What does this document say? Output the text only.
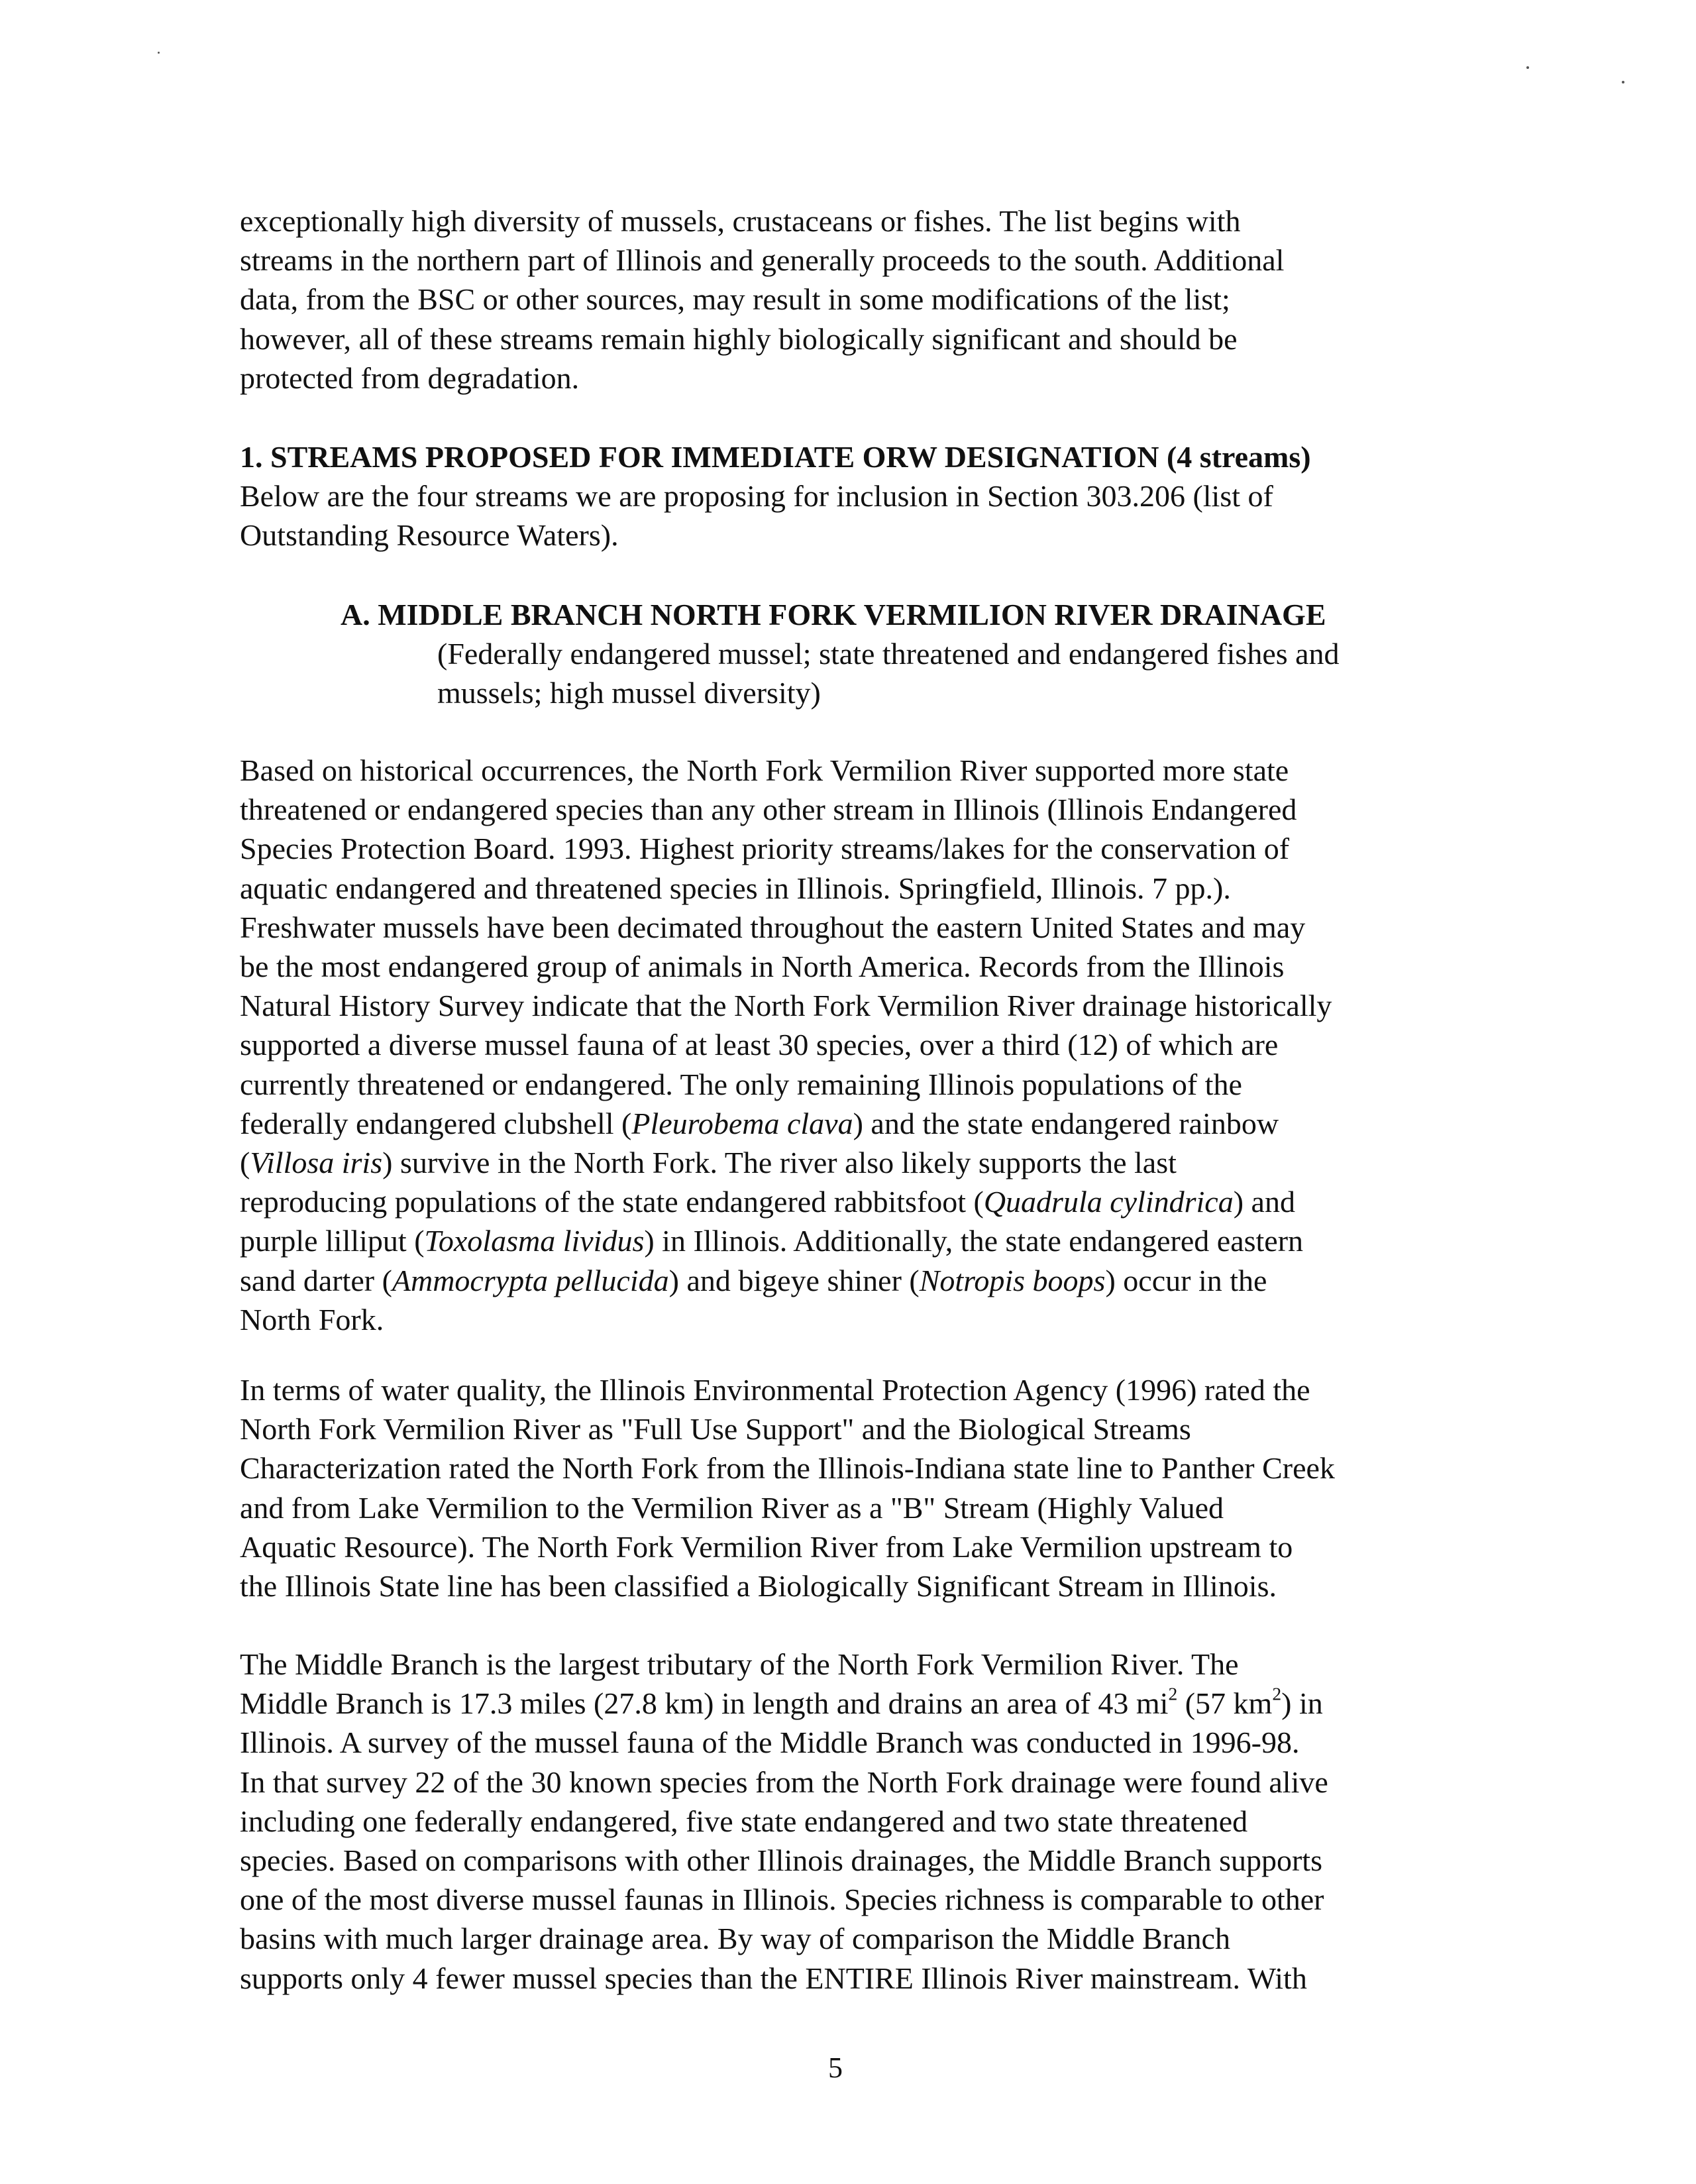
exceptionally high diversity of mussels, crustaceans or fishes. The list begins with
streams in the northern part of Illinois and generally proceeds to the south. Additional
data, from the BSC or other sources, may result in some modifications of the list;
however, all of these streams remain highly biologically significant and should be
protected from degradation.
1. STREAMS PROPOSED FOR IMMEDIATE ORW DESIGNATION (4 streams)
Below are the four streams we are proposing for inclusion in Section 303.206 (list of
Outstanding Resource Waters).
A. MIDDLE BRANCH NORTH FORK VERMILION RIVER DRAINAGE
(Federally endangered mussel; state threatened and endangered fishes and
mussels; high mussel diversity)
Based on historical occurrences, the North Fork Vermilion River supported more state
threatened or endangered species than any other stream in Illinois (Illinois Endangered
Species Protection Board. 1993. Highest priority streams/lakes for the conservation of
aquatic endangered and threatened species in Illinois. Springfield, Illinois. 7 pp.).
Freshwater mussels have been decimated throughout the eastern United States and may
be the most endangered group of animals in North America. Records from the Illinois
Natural History Survey indicate that the North Fork Vermilion River drainage historically
supported a diverse mussel fauna of at least 30 species, over a third (12) of which are
currently threatened or endangered. The only remaining Illinois populations of the
federally endangered clubshell (Pleurobema clava) and the state endangered rainbow
(Villosa iris) survive in the North Fork. The river also likely supports the last
reproducing populations of the state endangered rabbitsfoot (Quadrula cylindrica) and
purple lilliput (Toxolasma lividus) in Illinois. Additionally, the state endangered eastern
sand darter (Ammocrypta pellucida) and bigeye shiner (Notropis boops) occur in the
North Fork.
In terms of water quality, the Illinois Environmental Protection Agency (1996) rated the
North Fork Vermilion River as "Full Use Support" and the Biological Streams
Characterization rated the North Fork from the Illinois-Indiana state line to Panther Creek
and from Lake Vermilion to the Vermilion River as a "B" Stream (Highly Valued
Aquatic Resource). The North Fork Vermilion River from Lake Vermilion upstream to
the Illinois State line has been classified a Biologically Significant Stream in Illinois.
The Middle Branch is the largest tributary of the North Fork Vermilion River. The
Middle Branch is 17.3 miles (27.8 km) in length and drains an area of 43 $mi^2$ (57 $km^2$) in
Illinois. A survey of the mussel fauna of the Middle Branch was conducted in 1996-98.
In that survey 22 of the 30 known species from the North Fork drainage were found alive
including one federally endangered, five state endangered and two state threatened
species. Based on comparisons with other Illinois drainages, the Middle Branch supports
one of the most diverse mussel faunas in Illinois. Species richness is comparable to other
basins with much larger drainage area. By way of comparison the Middle Branch
supports only 4 fewer mussel species than the ENTIRE Illinois River mainstream. With
5
